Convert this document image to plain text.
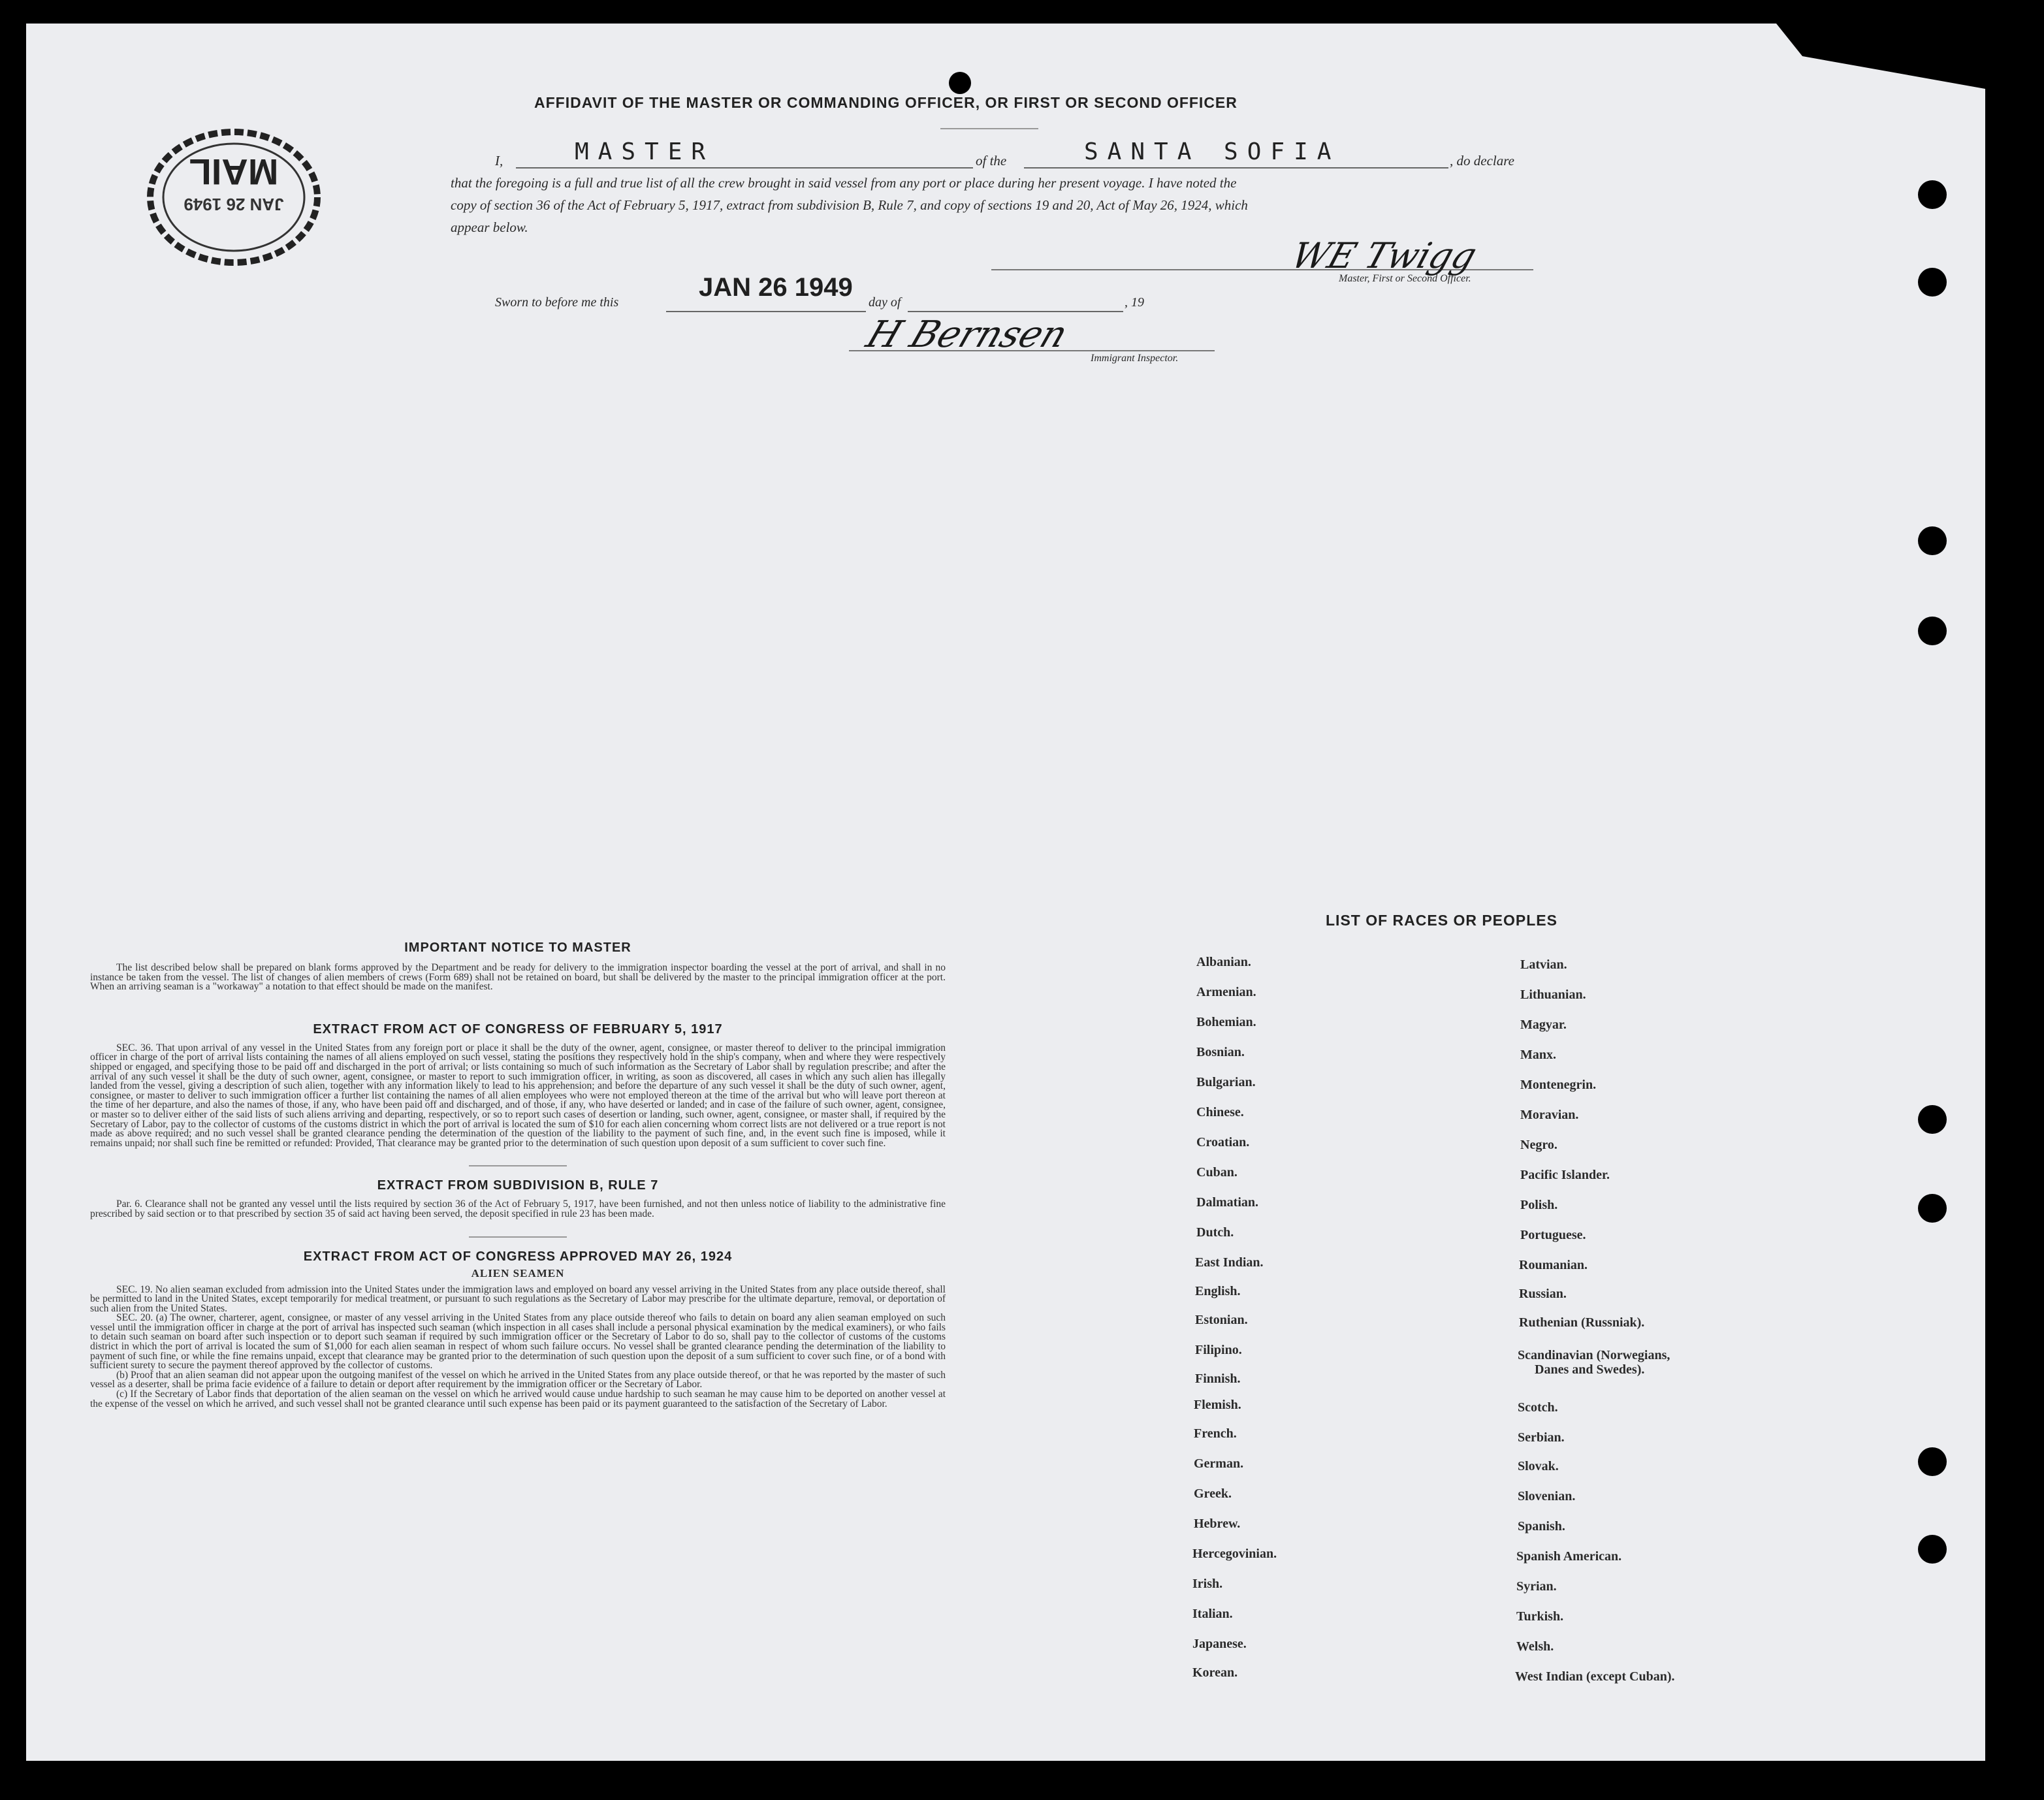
MAIL
JAN 26 1949
AFFIDAVIT OF THE MASTER OR COMMANDING OFFICER, OR FIRST OR SECOND OFFICER
I,	MASTER	of the	SANTA SOFIA	, do declare
that the foregoing is a full and true list of all the crew brought in said vessel from any port or place during her present voyage. I have noted the
copy of section 36 of the Act of February 5, 1917, extract from subdivision B, Rule 7, and copy of sections 19 and 20, Act of May 26, 1924, which
appear below.
WE Twigg
Master, First or Second Officer.
Sworn to before me this
JAN 26 1949
day of	, 19
H Bernsen
Immigrant Inspector.
IMPORTANT NOTICE TO MASTER
The list described below shall be prepared on blank forms approved by the Department and be ready for delivery to the immigration inspector boarding the vessel at the port of arrival, and shall in no instance be taken from the vessel. The list of changes of alien members of crews (Form 689) shall not be retained on board, but shall be delivered by the master to the principal immigration officer at the port. When an arriving seaman is a "workaway" a notation to that effect should be made on the manifest.
EXTRACT FROM ACT OF CONGRESS OF FEBRUARY 5, 1917
SEC. 36. That upon arrival of any vessel in the United States from any foreign port or place it shall be the duty of the owner, agent, consignee, or master thereof to deliver to the principal immigration officer in charge of the port of arrival lists containing the names of all aliens employed on such vessel, stating the positions they respectively hold in the ship's company, when and where they were respectively shipped or engaged, and specifying those to be paid off and discharged in the port of arrival; or lists containing so much of such information as the Secretary of Labor shall by regulation prescribe; and after the arrival of any such vessel it shall be the duty of such owner, agent, consignee, or master to report to such immigration officer, in writing, as soon as discovered, all cases in which any such alien has illegally landed from the vessel, giving a description of such alien, together with any information likely to lead to his apprehension; and before the departure of any such vessel it shall be the duty of such owner, agent, consignee, or master to deliver to such immigration officer a further list containing the names of all alien employees who were not employed thereon at the time of the arrival but who will leave port thereon at the time of her departure, and also the names of those, if any, who have been paid off and discharged, and of those, if any, who have deserted or landed; and in case of the failure of such owner, agent, consignee, or master so to deliver either of the said lists of such aliens arriving and departing, respectively, or so to report such cases of desertion or landing, such owner, agent, consignee, or master shall, if required by the Secretary of Labor, pay to the collector of customs of the customs district in which the port of arrival is located the sum of $10 for each alien concerning whom correct lists are not delivered or a true report is not made as above required; and no such vessel shall be granted clearance pending the determination of the question of the liability to the payment of such fine, and, in the event such fine is imposed, while it remains unpaid; nor shall such fine be remitted or refunded: Provided, That clearance may be granted prior to the determination of such question upon deposit of a sum sufficient to cover such fine.
EXTRACT FROM SUBDIVISION B, RULE 7
Par. 6. Clearance shall not be granted any vessel until the lists required by section 36 of the Act of February 5, 1917, have been furnished, and not then unless notice of liability to the administrative fine prescribed by said section or to that prescribed by section 35 of said act having been served, the deposit specified in rule 23 has been made.
EXTRACT FROM ACT OF CONGRESS APPROVED MAY 26, 1924
ALIEN SEAMEN
SEC. 19. No alien seaman excluded from admission into the United States under the immigration laws and employed on board any vessel arriving in the United States from any place outside thereof, shall be permitted to land in the United States, except temporarily for medical treatment, or pursuant to such regulations as the Secretary of Labor may prescribe for the ultimate departure, removal, or deportation of such alien from the United States.
SEC. 20. (a) The owner, charterer, agent, consignee, or master of any vessel arriving in the United States from any place outside thereof who fails to detain on board any alien seaman employed on such vessel until the immigration officer in charge at the port of arrival has inspected such seaman (which inspection in all cases shall include a personal physical examination by the medical examiners), or who fails to detain such seaman on board after such inspection or to deport such seaman if required by such immigration officer or the Secretary of Labor to do so, shall pay to the collector of customs of the customs district in which the port of arrival is located the sum of $1,000 for each alien seaman in respect of whom such failure occurs. No vessel shall be granted clearance pending the determination of the liability to payment of such fine, or while the fine remains unpaid, except that clearance may be granted prior to the determination of such question upon the deposit of a sum sufficient to cover such fine, or of a bond with sufficient surety to secure the payment thereof approved by the collector of customs.
(b) Proof that an alien seaman did not appear upon the outgoing manifest of the vessel on which he arrived in the United States from any place outside thereof, or that he was reported by the master of such vessel as a deserter, shall be prima facie evidence of a failure to detain or deport after requirement by the immigration officer or the Secretary of Labor.
(c) If the Secretary of Labor finds that deportation of the alien seaman on the vessel on which he arrived would cause undue hardship to such seaman he may cause him to be deported on another vessel at the expense of the vessel on which he arrived, and such vessel shall not be granted clearance until such expense has been paid or its payment guaranteed to the satisfaction of the Secretary of Labor.
LIST OF RACES OR PEOPLES
Albanian.
Armenian.
Bohemian.
Bosnian.
Bulgarian.
Chinese.
Croatian.
Cuban.
Dalmatian.
Dutch.
East Indian.
English.
Estonian.
Filipino.
Finnish.
Flemish.
French.
German.
Greek.
Hebrew.
Hercegovinian.
Irish.
Italian.
Japanese.
Korean.
Latvian.
Lithuanian.
Magyar.
Manx.
Montenegrin.
Moravian.
Negro.
Pacific Islander.
Polish.
Portuguese.
Roumanian.
Russian.
Ruthenian (Russniak).
Scandinavian (Norwegians,
Danes and Swedes).
Scotch.
Serbian.
Slovak.
Slovenian.
Spanish.
Spanish American.
Syrian.
Turkish.
Welsh.
West Indian (except Cuban).
